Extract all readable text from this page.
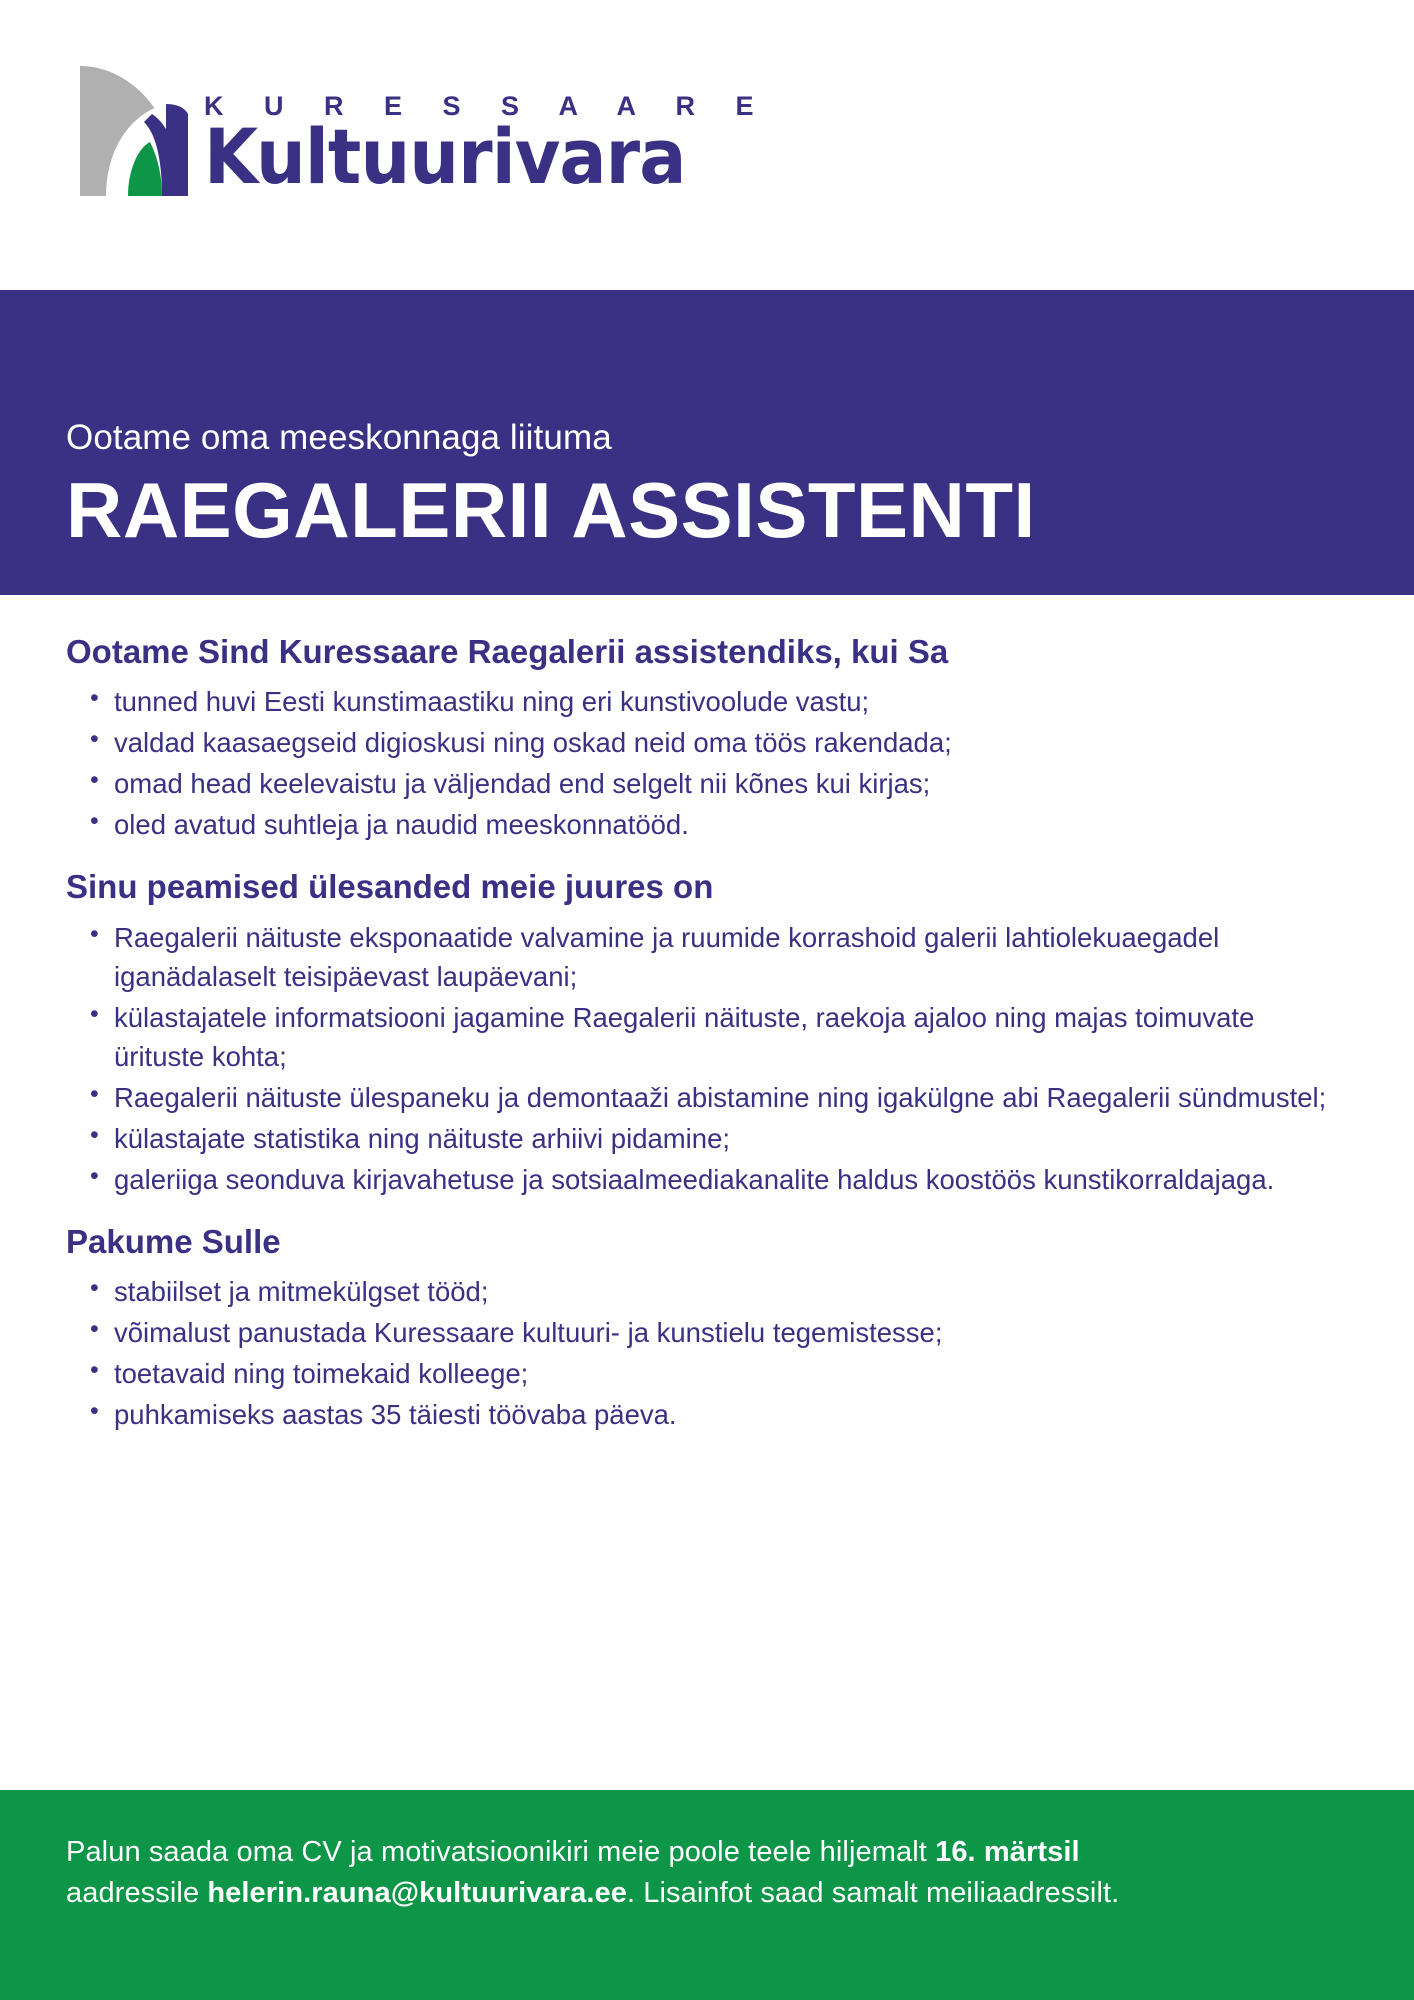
K U R E S S A A R E
Kultuurivara
Ootame oma meeskonnaga liituma
RAEGALERII ASSISTENTI
Ootame Sind Kuressaare Raegalerii assistendiks, kui Sa
• tunned huvi Eesti kunstimaastiku ning eri kunstivoolude vastu;
• valdad kaasaegseid digioskusi ning oskad neid oma töös rakendada;
• omad head keelevaistu ja väljendad end selgelt nii kõnes kui kirjas;
• oled avatud suhtleja ja naudid meeskonnatööd.
Sinu peamised ülesanded meie juures on
• Raegalerii näituste eksponaatide valvamine ja ruumide korrashoid galerii lahtiolekuaegadel iganädalaselt teisipäevast laupäevani;
• külastajatele informatsiooni jagamine Raegalerii näituste, raekoja ajaloo ning majas toimuvate ürituste kohta;
• Raegalerii näituste ülespaneku ja demontaaži abistamine ning igakülgne abi Raegalerii sündmustel;
• külastajate statistika ning näituste arhiivi pidamine;
• galeriiga seonduva kirjavahetuse ja sotsiaalmeediakanalite haldus koostöös kunstikorraldajaga.
Pakume Sulle
• stabiilset ja mitmekülgset tööd;
• võimalust panustada Kuressaare kultuuri- ja kunstielu tegemistesse;
• toetavaid ning toimekaid kolleege;
• puhkamiseks aastas 35 täiesti töövaba päeva.

Palun saada oma CV ja motivatsioonikiri meie poole teele hiljemalt 16. märtsil

aadressile helerin.rauna@kultuurivara.ee. Lisainfot saad samalt meiliaadressilt.
